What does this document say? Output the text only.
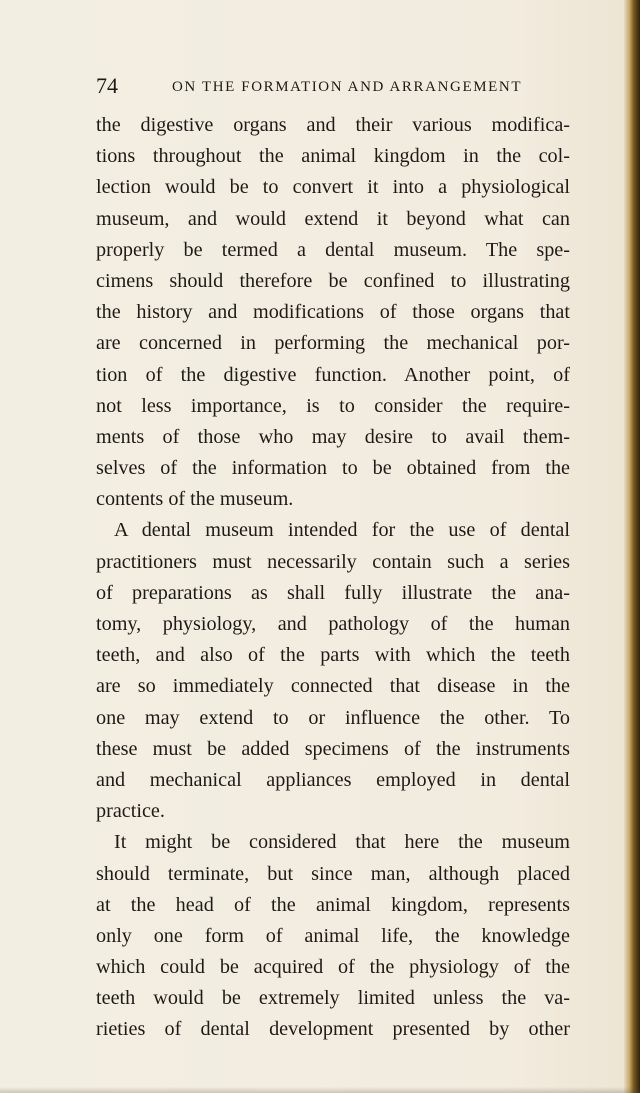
74	ON THE FORMATION AND ARRANGEMENT
the digestive organs and their various modifica-
tions throughout the animal kingdom in the col-
lection would be to convert it into a physiological
museum, and would extend it beyond what can
properly be termed a dental museum. The spe-
cimens should therefore be confined to illustrating
the history and modifications of those organs that
are concerned in performing the mechanical por-
tion of the digestive function. Another point, of
not less importance, is to consider the require-
ments of those who may desire to avail them-
selves of the information to be obtained from the
contents of the museum.
A dental museum intended for the use of dental
practitioners must necessarily contain such a series
of preparations as shall fully illustrate the ana-
tomy, physiology, and pathology of the human
teeth, and also of the parts with which the teeth
are so immediately connected that disease in the
one may extend to or influence the other. To
these must be added specimens of the instruments
and mechanical appliances employed in dental
practice.
It might be considered that here the museum
should terminate, but since man, although placed
at the head of the animal kingdom, represents
only one form of animal life, the knowledge
which could be acquired of the physiology of the
teeth would be extremely limited unless the va-
rieties of dental development presented by other
